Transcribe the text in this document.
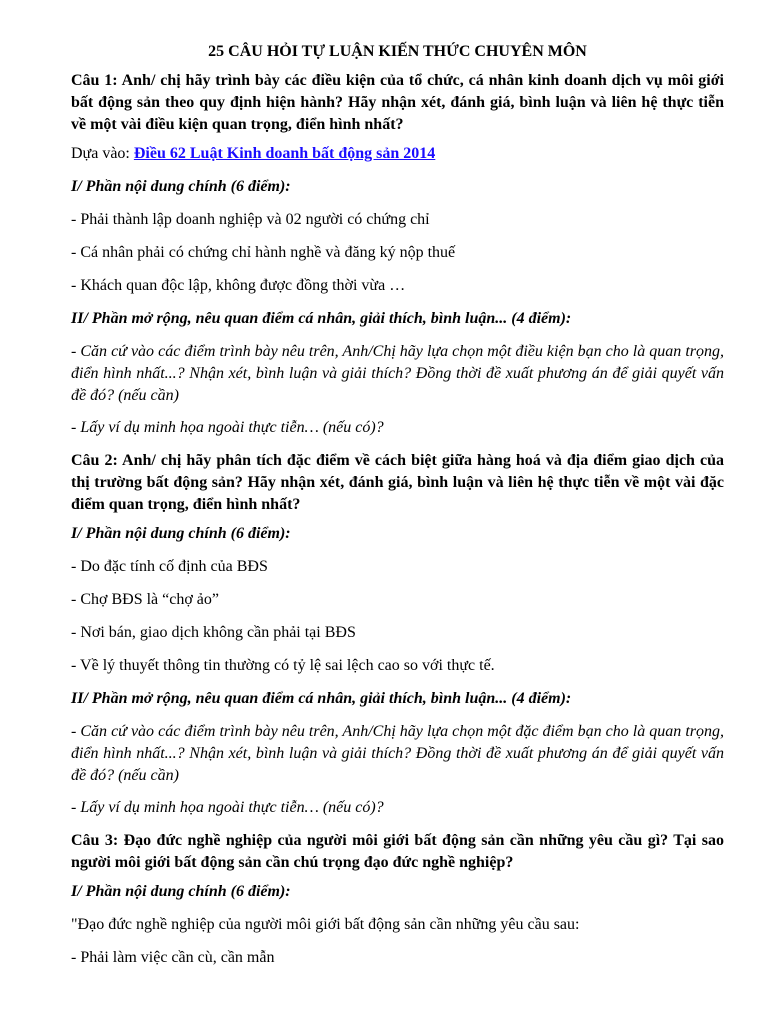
25 CÂU HỎI TỰ LUẬN KIẾN THỨC CHUYÊN MÔN

Câu 1: Anh/ chị hãy trình bày các điều kiện của tổ chức, cá nhân kinh doanh dịch vụ môi giới bất động sản theo quy định hiện hành? Hãy nhận xét, đánh giá, bình luận và liên hệ thực tiễn về một vài điều kiện quan trọng, điển hình nhất?

Dựa vào: Điều 62 Luật Kinh doanh bất động sản 2014

I/ Phần nội dung chính (6 điểm):

- Phải thành lập doanh nghiệp và 02 người có chứng chỉ

- Cá nhân phải có chứng chỉ hành nghề và đăng ký nộp thuế

- Khách quan độc lập, không được đồng thời vừa …

II/ Phần mở rộng, nêu quan điểm cá nhân, giải thích, bình luận... (4 điểm):

- Căn cứ vào các điểm trình bày nêu trên, Anh/Chị hãy lựa chọn một điều kiện bạn cho là quan trọng, điển hình nhất...? Nhận xét, bình luận và giải thích? Đồng thời đề xuất phương án để giải quyết vấn đề đó? (nếu cần)

- Lấy ví dụ minh họa ngoài thực tiễn… (nếu có)?

Câu 2: Anh/ chị hãy phân tích đặc điểm về cách biệt giữa hàng hoá và địa điểm giao dịch của thị trường bất động sản? Hãy nhận xét, đánh giá, bình luận và liên hệ thực tiễn về một vài đặc điểm quan trọng, điển hình nhất?

I/ Phần nội dung chính (6 điểm):

- Do đặc tính cố định của BĐS

- Chợ BĐS là “chợ ảo”

- Nơi bán, giao dịch không cần phải tại BĐS

- Về lý thuyết thông tin thường có tỷ lệ sai lệch cao so với thực tế.

II/ Phần mở rộng, nêu quan điểm cá nhân, giải thích, bình luận... (4 điểm):

- Căn cứ vào các điểm trình bày nêu trên, Anh/Chị hãy lựa chọn một đặc điểm bạn cho là quan trọng, điển hình nhất...? Nhận xét, bình luận và giải thích? Đồng thời đề xuất phương án để giải quyết vấn đề đó? (nếu cần)

- Lấy ví dụ minh họa ngoài thực tiễn… (nếu có)?

Câu 3: Đạo đức nghề nghiệp của người môi giới bất động sản cần những yêu cầu gì? Tại sao người môi giới bất động sản cần chú trọng đạo đức nghề nghiệp?

I/ Phần nội dung chính (6 điểm):

"Đạo đức nghề nghiệp của người môi giới bất động sản cần những yêu cầu sau:

- Phải làm việc cần cù, cần mẫn
